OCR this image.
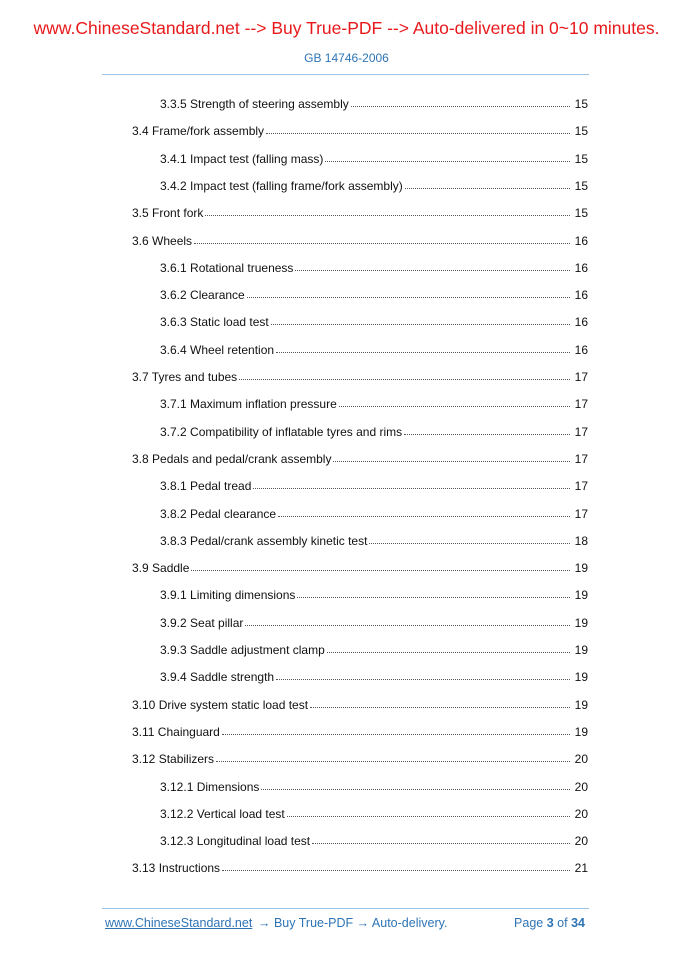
www.ChineseStandard.net --> Buy True-PDF --> Auto-delivered in 0~10 minutes.
GB 14746-2006
3.3.5 Strength of steering assembly	15
3.4 Frame/fork assembly	15
3.4.1 Impact test (falling mass)	15
3.4.2 Impact test (falling frame/fork assembly)	15
3.5 Front fork	15
3.6 Wheels	16
3.6.1 Rotational trueness	16
3.6.2 Clearance	16
3.6.3 Static load test	16
3.6.4 Wheel retention	16
3.7 Tyres and tubes	17
3.7.1 Maximum inflation pressure	17
3.7.2 Compatibility of inflatable tyres and rims	17
3.8 Pedals and pedal/crank assembly	17
3.8.1 Pedal tread	17
3.8.2 Pedal clearance	17
3.8.3 Pedal/crank assembly kinetic test	18
3.9 Saddle	19
3.9.1 Limiting dimensions	19
3.9.2 Seat pillar	19
3.9.3 Saddle adjustment clamp	19
3.9.4 Saddle strength	19
3.10 Drive system static load test	19
3.11 Chainguard	19
3.12 Stabilizers	20
3.12.1 Dimensions	20
3.12.2 Vertical load test	20
3.12.3 Longitudinal load test	20
3.13 Instructions	21
www.ChineseStandard.net → Buy True-PDF → Auto-delivery.	Page 3 of 34
